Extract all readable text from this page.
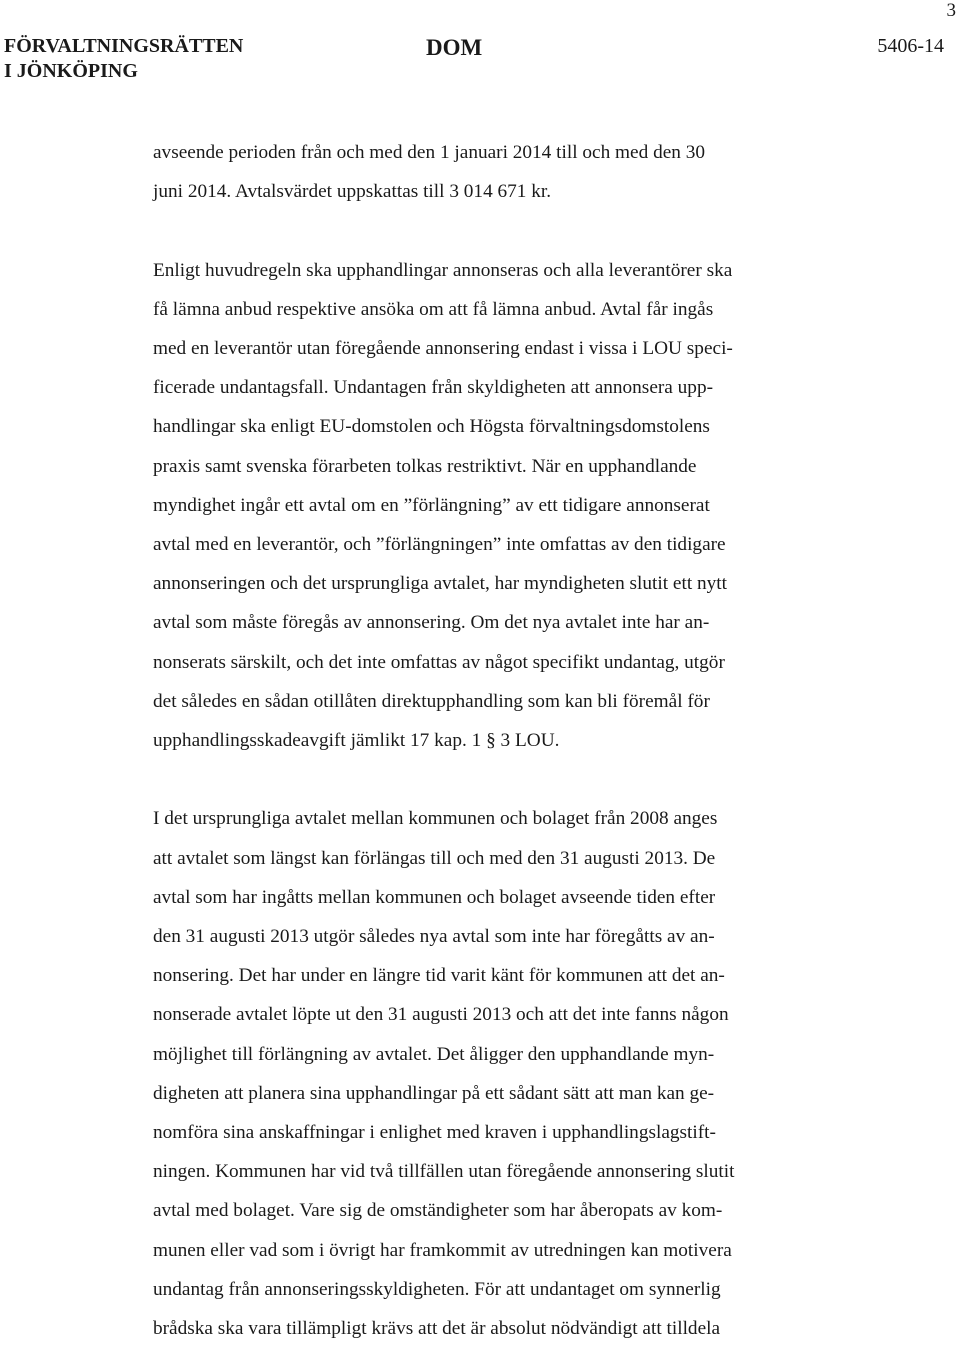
3
FÖRVALTNINGSRÄTTEN
I JÖNKÖPING
DOM	5406-14

avseende perioden från och med den 1 januari 2014 till och med den 30
juni 2014. Avtalsvärdet uppskattas till 3 014 671 kr.

Enligt huvudregeln ska upphandlingar annonseras och alla leverantörer ska
få lämna anbud respektive ansöka om att få lämna anbud. Avtal får ingås
med en leverantör utan föregående annonsering endast i vissa i LOU speci-
ficerade undantagsfall. Undantagen från skyldigheten att annonsera upp-
handlingar ska enligt EU-domstolen och Högsta förvaltningsdomstolens
praxis samt svenska förarbeten tolkas restriktivt. När en upphandlande
myndighet ingår ett avtal om en ”förlängning” av ett tidigare annonserat
avtal med en leverantör, och ”förlängningen” inte omfattas av den tidigare
annonseringen och det ursprungliga avtalet, har myndigheten slutit ett nytt
avtal som måste föregås av annonsering. Om det nya avtalet inte har an-
nonserats särskilt, och det inte omfattas av något specifikt undantag, utgör
det således en sådan otillåten direktupphandling som kan bli föremål för
upphandlingsskadeavgift jämlikt 17 kap. 1 § 3 LOU.

I det ursprungliga avtalet mellan kommunen och bolaget från 2008 anges
att avtalet som längst kan förlängas till och med den 31 augusti 2013. De
avtal som har ingåtts mellan kommunen och bolaget avseende tiden efter
den 31 augusti 2013 utgör således nya avtal som inte har föregåtts av an-
nonsering. Det har under en längre tid varit känt för kommunen att det an-
nonserade avtalet löpte ut den 31 augusti 2013 och att det inte fanns någon
möjlighet till förlängning av avtalet. Det åligger den upphandlande myn-
digheten att planera sina upphandlingar på ett sådant sätt att man kan ge-
nomföra sina anskaffningar i enlighet med kraven i upphandlingslagstift-
ningen. Kommunen har vid två tillfällen utan föregående annonsering slutit
avtal med bolaget. Vare sig de omständigheter som har åberopats av kom-
munen eller vad som i övrigt har framkommit av utredningen kan motivera
undantag från annonseringsskyldigheten. För att undantaget om synnerlig
brådska ska vara tillämpligt krävs att det är absolut nödvändigt att tilldela
